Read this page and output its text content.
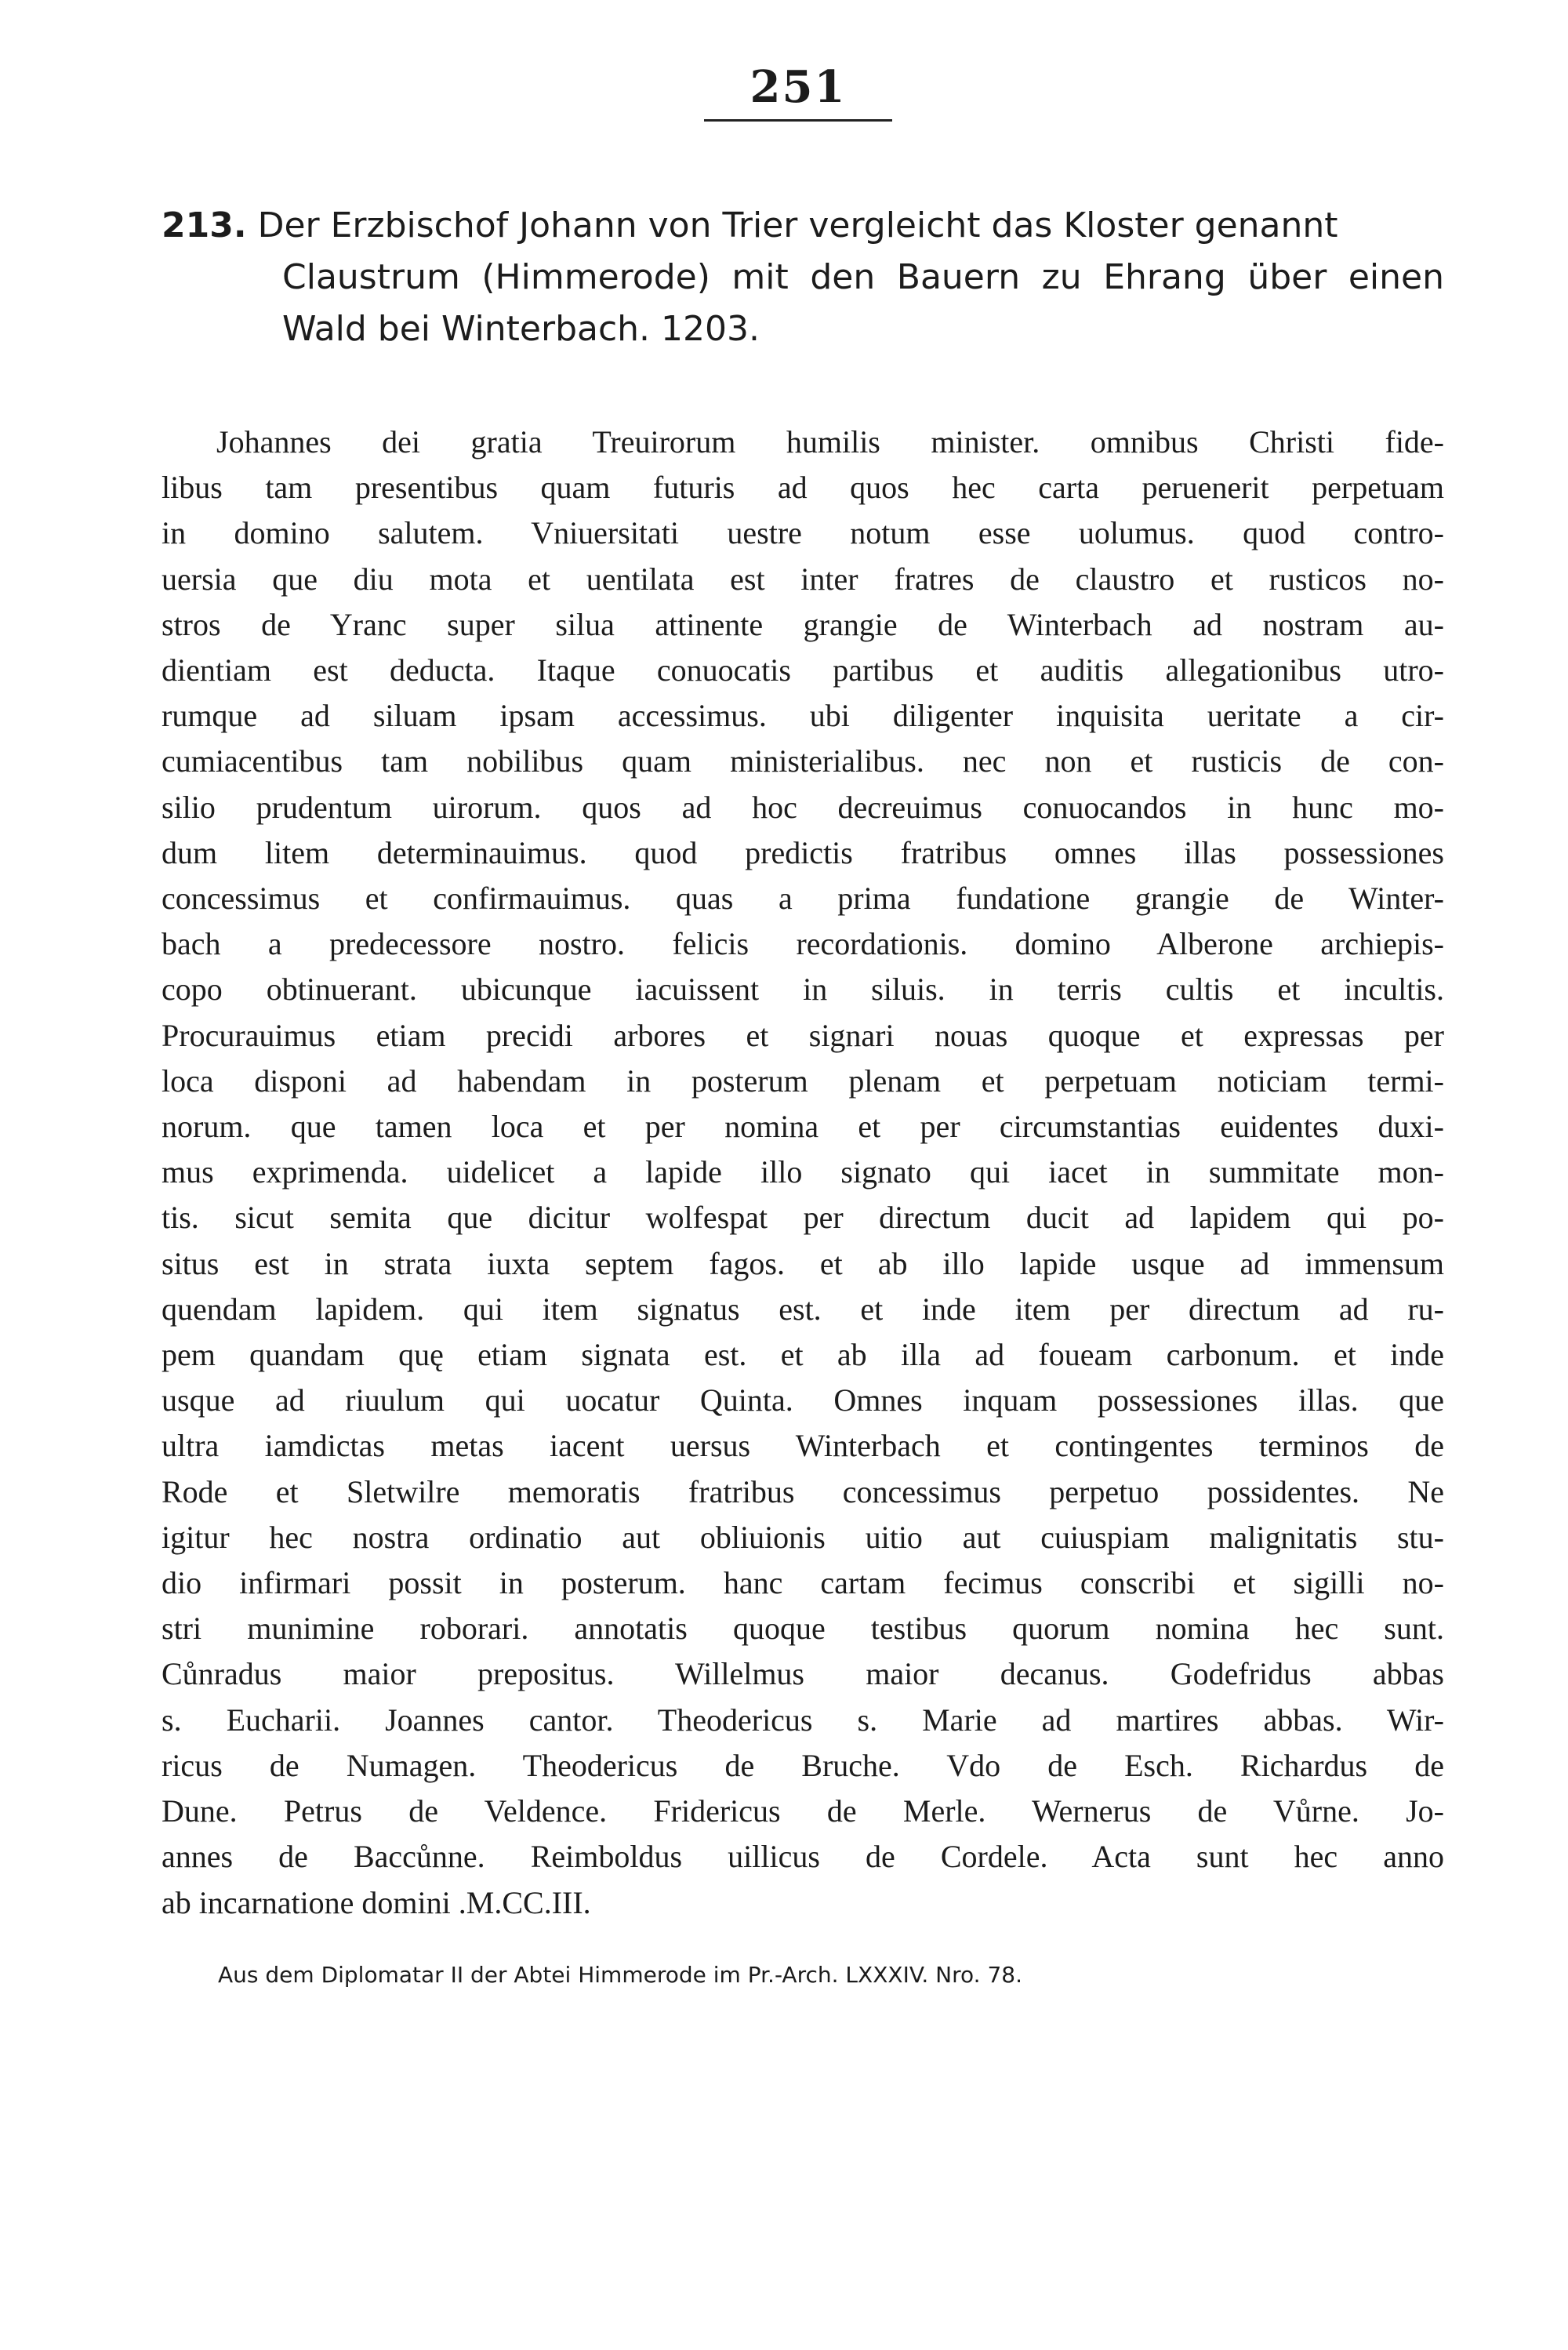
251
213. Der Erzbischof Johann von Trier vergleicht das Kloster genannt
Claustrum (Himmerode) mit den Bauern zu Ehrang über einen Wald bei Winterbach. 1203.
Johannes dei gratia Treuirorum humilis minister. omnibus Christi fide-
libus tam presentibus quam futuris ad quos hec carta peruenerit perpetuam
in domino salutem. Vniuersitati uestre notum esse uolumus. quod contro-
uersia que diu mota et uentilata est inter fratres de claustro et rusticos no-
stros de Yranc super silua attinente grangie de Winterbach ad nostram au-
dientiam est deducta. Itaque conuocatis partibus et auditis allegationibus utro-
rumque ad siluam ipsam accessimus. ubi diligenter inquisita ueritate a cir-
cumiacentibus tam nobilibus quam ministerialibus. nec non et rusticis de con-
silio prudentum uirorum. quos ad hoc decreuimus conuocandos in hunc mo-
dum litem determinauimus. quod predictis fratribus omnes illas possessiones
concessimus et confirmauimus. quas a prima fundatione grangie de Winter-
bach a predecessore nostro. felicis recordationis. domino Alberone archiepis-
copo obtinuerant. ubicunque iacuissent in siluis. in terris cultis et incultis.
Procurauimus etiam precidi arbores et signari nouas quoque et expressas per
loca disponi ad habendam in posterum plenam et perpetuam noticiam termi-
norum. que tamen loca et per nomina et per circumstantias euidentes duxi-
mus exprimenda. uidelicet a lapide illo signato qui iacet in summitate mon-
tis. sicut semita que dicitur wolfespat per directum ducit ad lapidem qui po-
situs est in strata iuxta septem fagos. et ab illo lapide usque ad immensum
quendam lapidem. qui item signatus est. et inde item per directum ad ru-
pem quandam quę etiam signata est. et ab illa ad foueam carbonum. et inde
usque ad riuulum qui uocatur Quinta. Omnes inquam possessiones illas. que
ultra iamdictas metas iacent uersus Winterbach et contingentes terminos de
Rode et Sletwilre memoratis fratribus concessimus perpetuo possidentes. Ne
igitur hec nostra ordinatio aut obliuionis uitio aut cuiuspiam malignitatis stu-
dio infirmari possit in posterum. hanc cartam fecimus conscribi et sigilli no-
stri munimine roborari. annotatis quoque testibus quorum nomina hec sunt.
Cůnradus maior prepositus. Willelmus maior decanus. Godefridus abbas
s. Eucharii. Joannes cantor. Theodericus s. Marie ad martires abbas. Wir-
ricus de Numagen. Theodericus de Bruche. Vdo de Esch. Richardus de
Dune. Petrus de Veldence. Fridericus de Merle. Wernerus de Vůrne. Jo-
annes de Baccůnne. Reimboldus uillicus de Cordele. Acta sunt hec anno
ab incarnatione domini .M.CC.III.
Aus dem Diplomatar II der Abtei Himmerode im Pr.-Arch. LXXXIV. Nro. 78.
